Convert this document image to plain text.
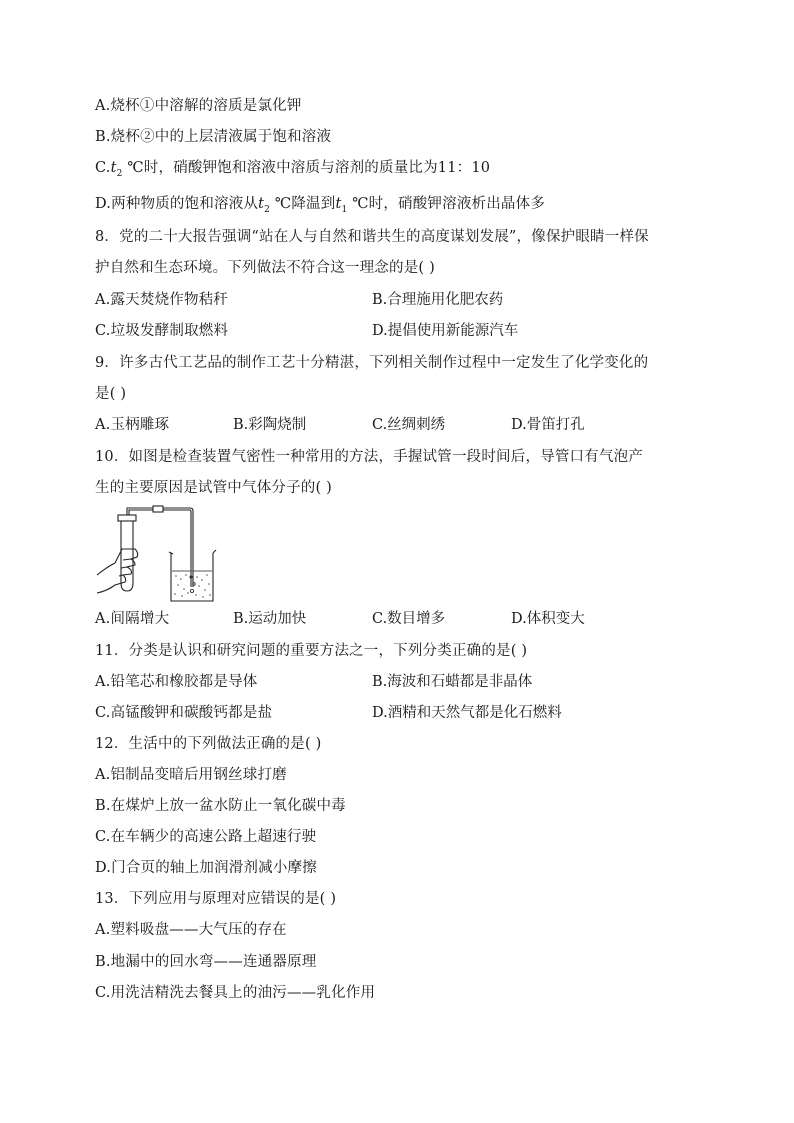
A.烧杯①中溶解的溶质是氯化钾
B.烧杯②中的上层清液属于饱和溶液
$C.t_2$ ℃时，硝酸钾饱和溶液中溶质与溶剂的质量比为11：10
D.两种物质的饱和溶液从$t_2$ ℃降温到$t_1$ ℃时，硝酸钾溶液析出晶体多
8．党的二十大报告强调“站在人与自然和谐共生的高度谋划发展”，像保护眼睛一样保
护自然和生态环境。下列做法不符合这一理念的是( )
A.露天焚烧作物秸秆	B.合理施用化肥农药
C.垃圾发酵制取燃料	D.提倡使用新能源汽车
9．许多古代工艺品的制作工艺十分精湛，下列相关制作过程中一定发生了化学变化的
是( )
A.玉柄雕琢	B.彩陶烧制	C.丝绸刺绣	D.骨笛打孔
10．如图是检查装置气密性一种常用的方法，手握试管一段时间后，导管口有气泡产
生的主要原因是试管中气体分子的( )
A.间隔增大	B.运动加快	C.数目增多	D.体积变大
11．分类是认识和研究问题的重要方法之一，下列分类正确的是( )
A.铅笔芯和橡胶都是导体	B.海波和石蜡都是非晶体
C.高锰酸钾和碳酸钙都是盐	D.酒精和天然气都是化石燃料
12．生活中的下列做法正确的是( )
A.铝制品变暗后用钢丝球打磨
B.在煤炉上放一盆水防止一氧化碳中毒
C.在车辆少的高速公路上超速行驶
D.门合页的轴上加润滑剂减小摩擦
13．下列应用与原理对应错误的是( )
A.塑料吸盘——大气压的存在
B.地漏中的回水弯——连通器原理
C.用洗洁精洗去餐具上的油污——乳化作用
